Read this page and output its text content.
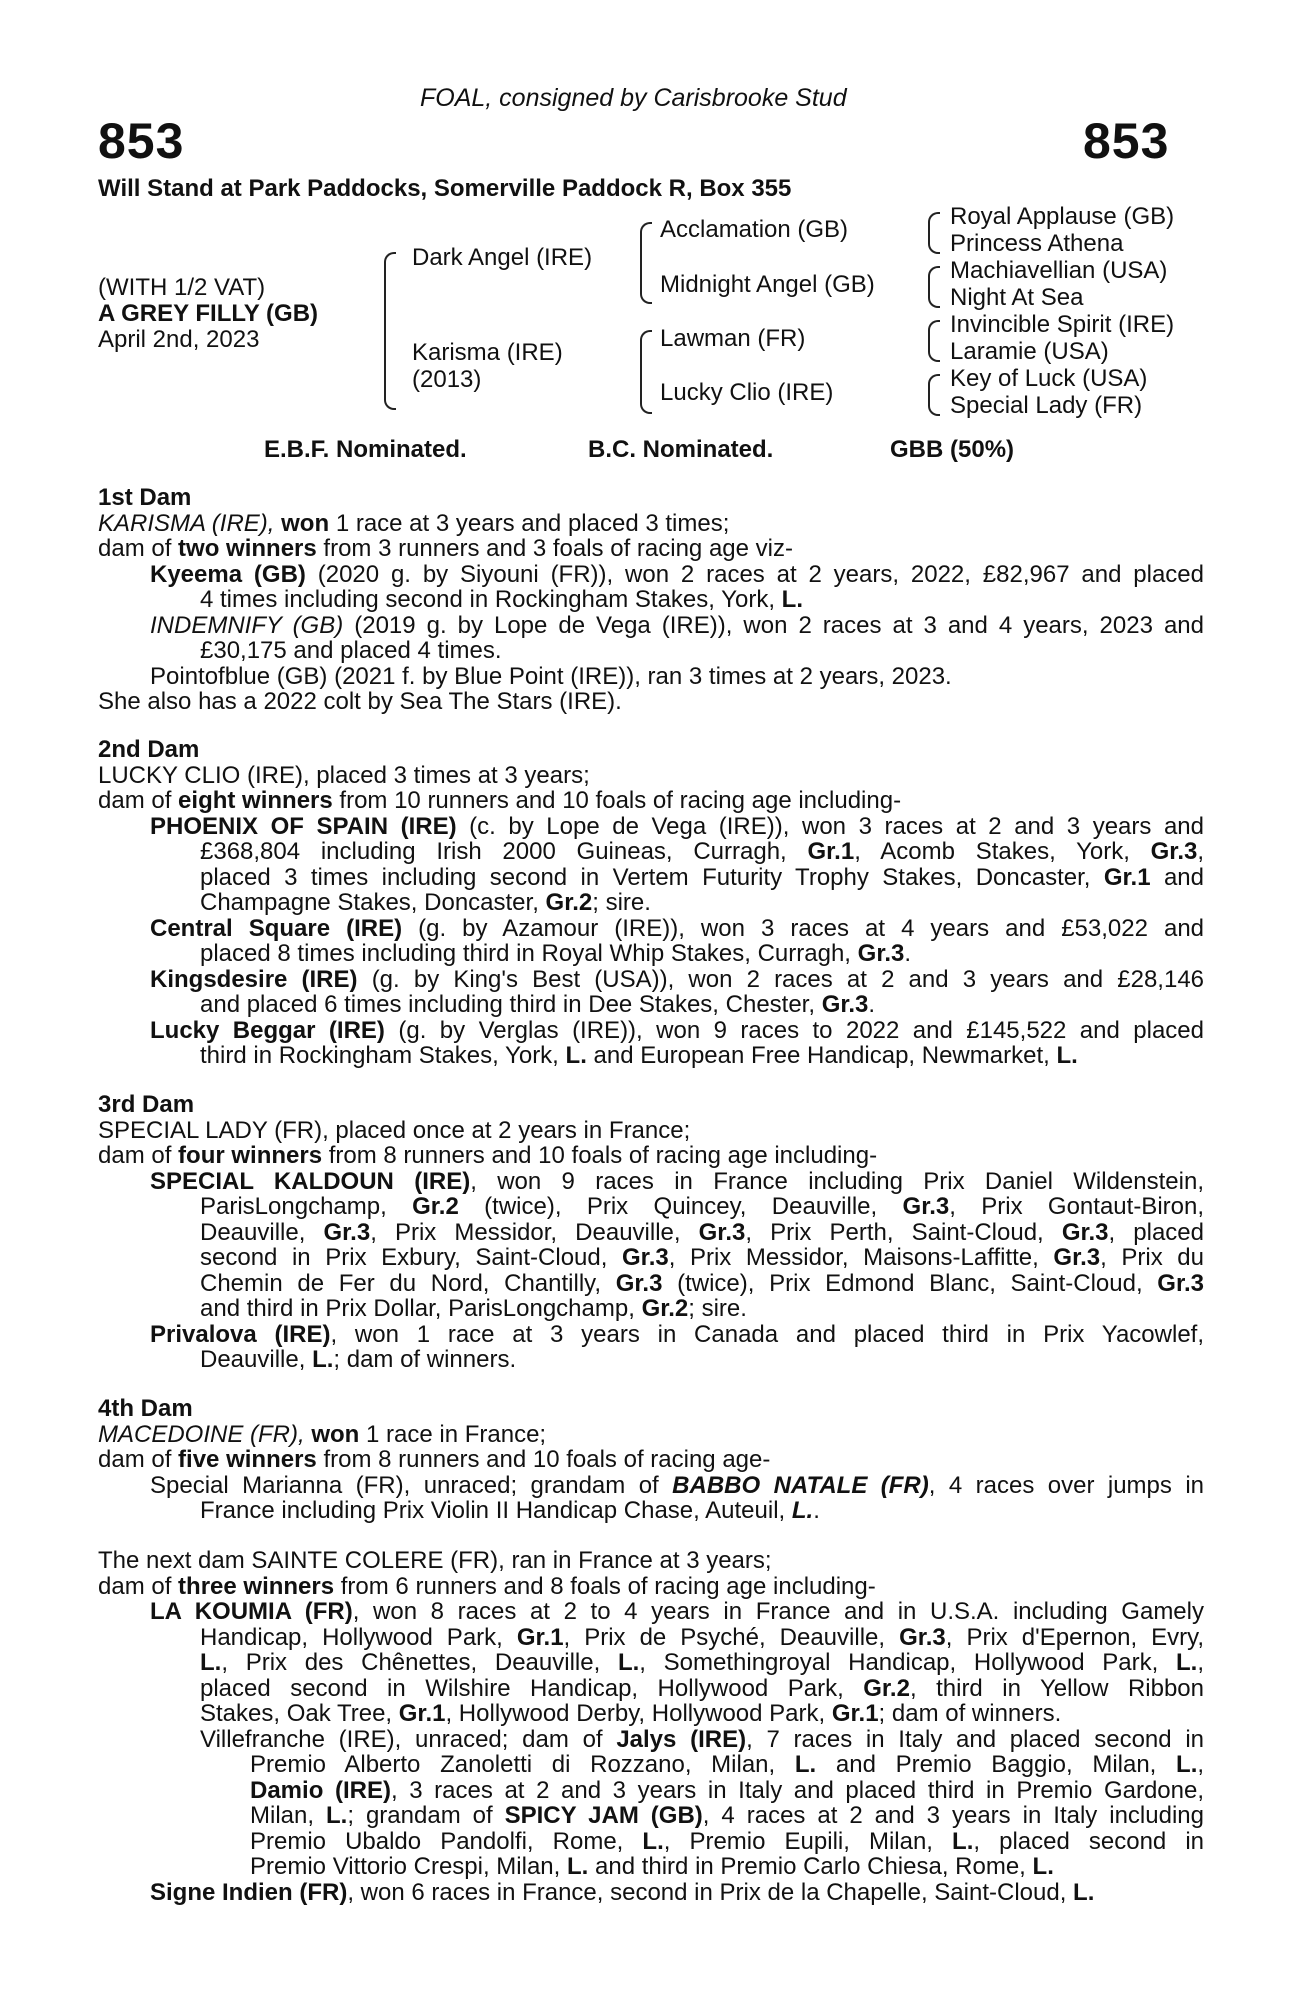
FOAL, consigned by Carisbrooke Stud
853	853
Will Stand at Park Paddocks, Somerville Paddock R, Box 355
(WITH 1/2 VAT)
A GREY FILLY (GB)
April 2nd, 2023
Dark Angel (IRE)
Karisma (IRE)
(2013)
Acclamation (GB)
Midnight Angel (GB)
Lawman (FR)
Lucky Clio (IRE)
Royal Applause (GB)
Princess Athena
Machiavellian (USA)
Night At Sea
Invincible Spirit (IRE)
Laramie (USA)
Key of Luck (USA)
Special Lady (FR)
E.B.F. Nominated.	B.C. Nominated.	GBB (50%)
1st Dam
KARISMA (IRE), won 1 race at 3 years and placed 3 times;
dam of two winners from 3 runners and 3 foals of racing age viz-
Kyeema (GB) (2020 g. by Siyouni (FR)), won 2 races at 2 years, 2022, £82,967 and placed
4 times including second in Rockingham Stakes, York, L.
INDEMNIFY (GB) (2019 g. by Lope de Vega (IRE)), won 2 races at 3 and 4 years, 2023 and
£30,175 and placed 4 times.
Pointofblue (GB) (2021 f. by Blue Point (IRE)), ran 3 times at 2 years, 2023.
She also has a 2022 colt by Sea The Stars (IRE).
2nd Dam
LUCKY CLIO (IRE), placed 3 times at 3 years;
dam of eight winners from 10 runners and 10 foals of racing age including-
PHOENIX OF SPAIN (IRE) (c. by Lope de Vega (IRE)), won 3 races at 2 and 3 years and
£368,804 including Irish 2000 Guineas, Curragh, Gr.1, Acomb Stakes, York, Gr.3,
placed 3 times including second in Vertem Futurity Trophy Stakes, Doncaster, Gr.1 and
Champagne Stakes, Doncaster, Gr.2; sire.
Central Square (IRE) (g. by Azamour (IRE)), won 3 races at 4 years and £53,022 and
placed 8 times including third in Royal Whip Stakes, Curragh, Gr.3.
Kingsdesire (IRE) (g. by King's Best (USA)), won 2 races at 2 and 3 years and £28,146
and placed 6 times including third in Dee Stakes, Chester, Gr.3.
Lucky Beggar (IRE) (g. by Verglas (IRE)), won 9 races to 2022 and £145,522 and placed
third in Rockingham Stakes, York, L. and European Free Handicap, Newmarket, L.
3rd Dam
SPECIAL LADY (FR), placed once at 2 years in France;
dam of four winners from 8 runners and 10 foals of racing age including-
SPECIAL KALDOUN (IRE), won 9 races in France including Prix Daniel Wildenstein,
ParisLongchamp, Gr.2 (twice), Prix Quincey, Deauville, Gr.3, Prix Gontaut-Biron,
Deauville, Gr.3, Prix Messidor, Deauville, Gr.3, Prix Perth, Saint-Cloud, Gr.3, placed
second in Prix Exbury, Saint-Cloud, Gr.3, Prix Messidor, Maisons-Laffitte, Gr.3, Prix du
Chemin de Fer du Nord, Chantilly, Gr.3 (twice), Prix Edmond Blanc, Saint-Cloud, Gr.3
and third in Prix Dollar, ParisLongchamp, Gr.2; sire.
Privalova (IRE), won 1 race at 3 years in Canada and placed third in Prix Yacowlef,
Deauville, L.; dam of winners.
4th Dam
MACEDOINE (FR), won 1 race in France;
dam of five winners from 8 runners and 10 foals of racing age-
Special Marianna (FR), unraced; grandam of BABBO NATALE (FR), 4 races over jumps in
France including Prix Violin II Handicap Chase, Auteuil, L..
The next dam SAINTE COLERE (FR), ran in France at 3 years;
dam of three winners from 6 runners and 8 foals of racing age including-
LA KOUMIA (FR), won 8 races at 2 to 4 years in France and in U.S.A. including Gamely
Handicap, Hollywood Park, Gr.1, Prix de Psyché, Deauville, Gr.3, Prix d'Epernon, Evry,
L., Prix des Chênettes, Deauville, L., Somethingroyal Handicap, Hollywood Park, L.,
placed second in Wilshire Handicap, Hollywood Park, Gr.2, third in Yellow Ribbon
Stakes, Oak Tree, Gr.1, Hollywood Derby, Hollywood Park, Gr.1; dam of winners.
Villefranche (IRE), unraced; dam of Jalys (IRE), 7 races in Italy and placed second in
Premio Alberto Zanoletti di Rozzano, Milan, L. and Premio Baggio, Milan, L.,
Damio (IRE), 3 races at 2 and 3 years in Italy and placed third in Premio Gardone,
Milan, L.; grandam of SPICY JAM (GB), 4 races at 2 and 3 years in Italy including
Premio Ubaldo Pandolfi, Rome, L., Premio Eupili, Milan, L., placed second in
Premio Vittorio Crespi, Milan, L. and third in Premio Carlo Chiesa, Rome, L.
Signe Indien (FR), won 6 races in France, second in Prix de la Chapelle, Saint-Cloud, L.
